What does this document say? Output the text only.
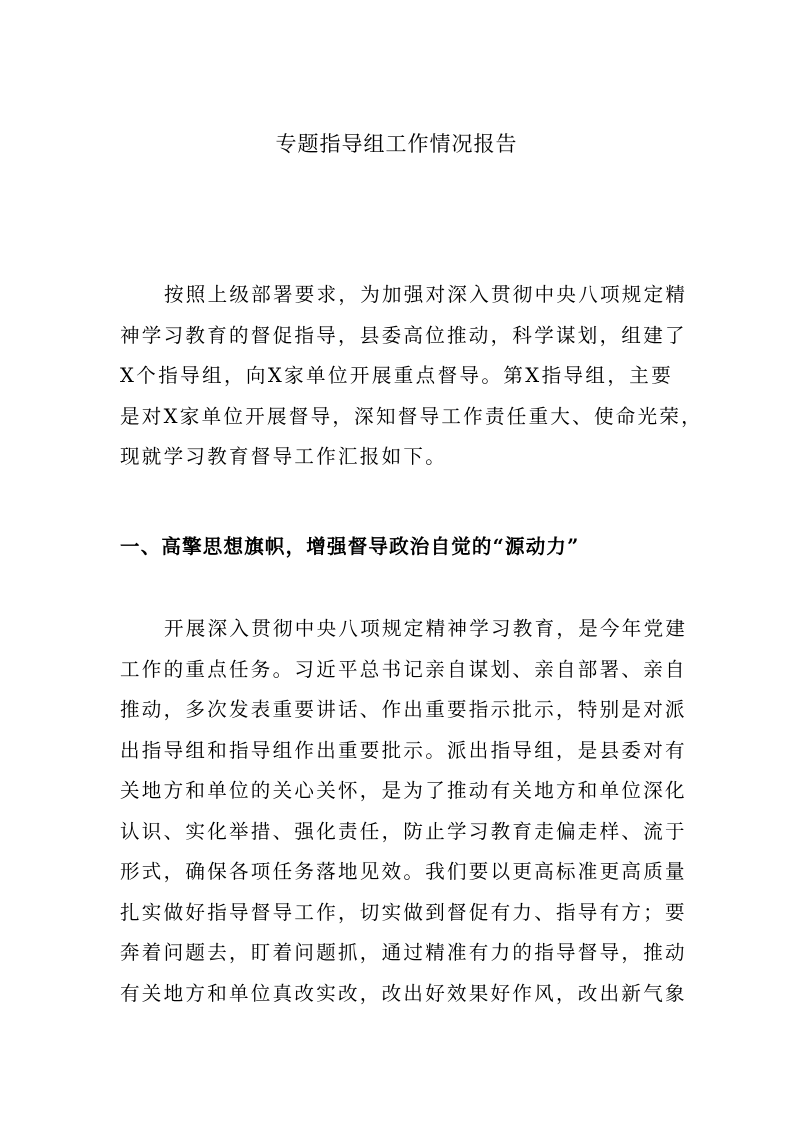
专题指导组工作情况报告

按照上级部署要求，为加强对深入贯彻中央八项规定精
神学习教育的督促指导，县委高位推动，科学谋划，组建了
X个指导组，向X家单位开展重点督导。第X指导组，主要
是对X家单位开展督导，深知督导工作责任重大、使命光荣，
现就学习教育督导工作汇报如下。

一、高擎思想旗帜，增强督导政治自觉的“源动力”

开展深入贯彻中央八项规定精神学习教育，是今年党建
工作的重点任务。习近平总书记亲自谋划、亲自部署、亲自
推动，多次发表重要讲话、作出重要指示批示，特别是对派
出指导组和指导组作出重要批示。派出指导组，是县委对有
关地方和单位的关心关怀，是为了推动有关地方和单位深化
认识、实化举措、强化责任，防止学习教育走偏走样、流于
形式，确保各项任务落地见效。我们要以更高标准更高质量
扎实做好指导督导工作，切实做到督促有力、指导有方；要
奔着问题去，盯着问题抓，通过精准有力的指导督导，推动
有关地方和单位真改实改，改出好效果好作风，改出新气象
